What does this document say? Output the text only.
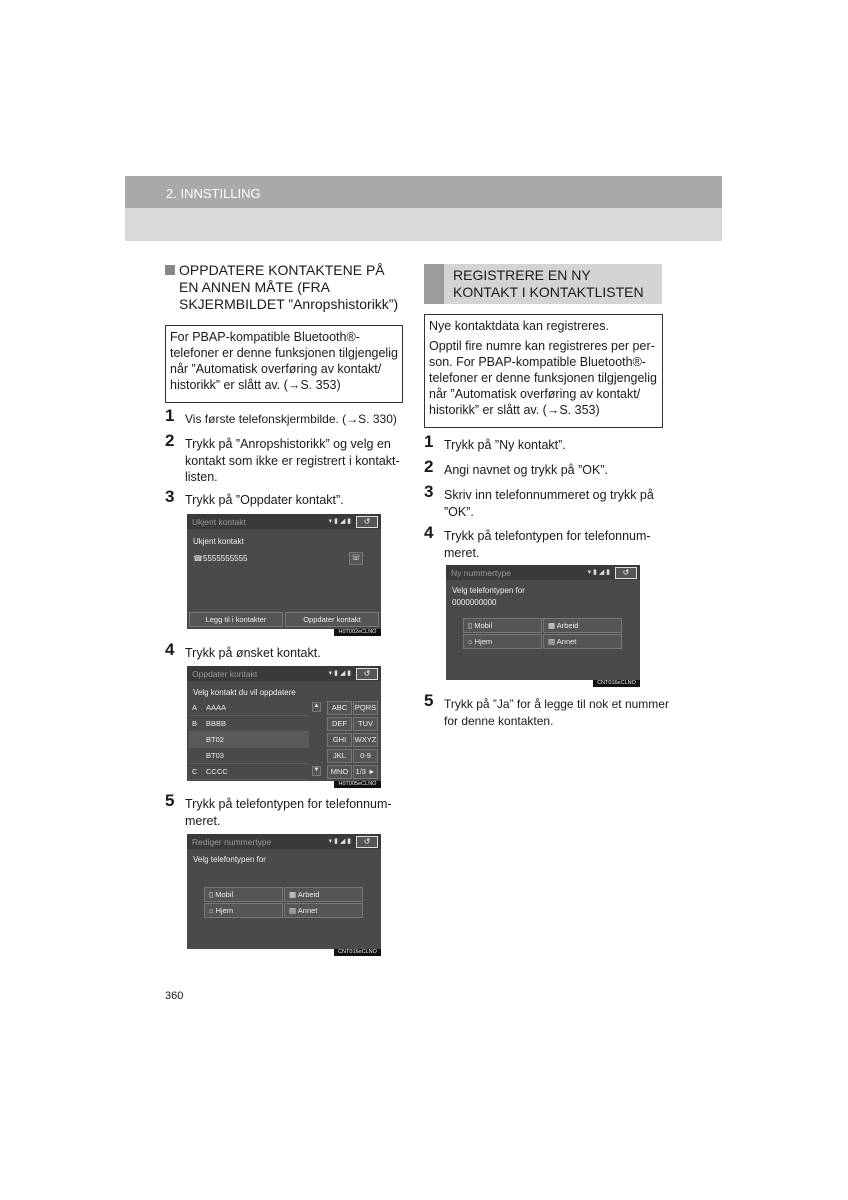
2. INNSTILLING
OPPDATERE KONTAKTENE PÅ
EN ANNEN MÅTE (FRA
SKJERMBILDET ”Anropshistorikk”)
For PBAP-kompatible Bluetooth®-
telefoner er denne funksjonen tilgjengelig
når ”Automatisk overføring av kontakt/
historikk” er slått av. (→S. 353)
1 Vis første telefonskjermbilde. (→S. 330)
2 Trykk på ”Anropshistorikk” og velg en
kontakt som ikke er registrert i kontakt-
listen.
3 Trykk på ”Oppdater kontakt”.
Ukjent kontakt	▾ ▮ ◢ ▮	↺
Ukjent kontakt
☎ 5555555555	☏
Legg til i kontakter	Oppdater kontakt
H0T002eCLNO
4 Trykk på ønsket kontakt.
Oppdater kontakt	▾ ▮ ◢ ▮	↺
Velg kontakt du vil oppdatere
A AAAA
B BBBB
BT02
BT03
C CCCC
ABC	PQRS
DEF	TUV
GHI	WXYZ
JKL	0-9
MNO 1/3 ►
▲
▼
H0T005eCLNO
5 Trykk på telefontypen for telefonnum-
meret.
Rediger nummertype	▾ ▮ ◢ ▮	↺
Velg telefontypen for
▯ Mobil	▦ Arbeid
⌂ Hjem	▤ Annet
CNT016eCLNO
REGISTRERE EN NY
KONTAKT I KONTAKTLISTEN
Nye kontaktdata kan registreres.
Opptil fire numre kan registreres per per-
son. For PBAP-kompatible Bluetooth®-
telefoner er denne funksjonen tilgjengelig
når ”Automatisk overføring av kontakt/
historikk” er slått av. (→S. 353)
1 Trykk på ”Ny kontakt”.
2 Angi navnet og trykk på ”OK”.
3 Skriv inn telefonnummeret og trykk på
”OK”.
4 Trykk på telefontypen for telefonnum-
meret.
Ny nummertype	▾ ▮ ◢ ▮	↺
Velg telefontypen for
0000000000
▯ Mobil	▦ Arbeid
⌂ Hjem	▤ Annet
CNT016eCLNO
5 Trykk på ”Ja” for å legge til nok et nummer
for denne kontakten.
360
